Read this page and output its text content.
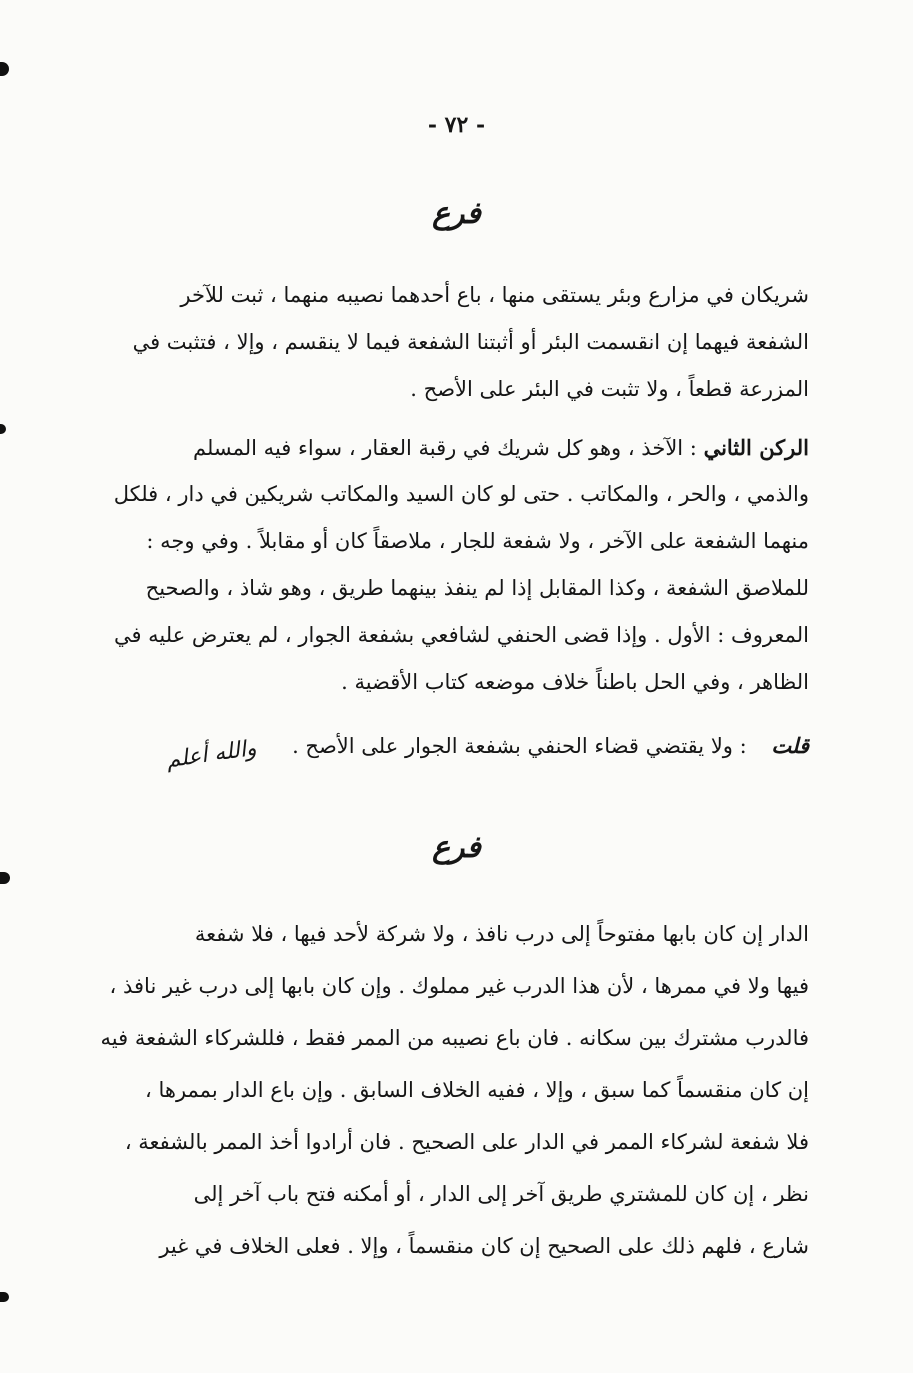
- ٧٢ -
فرع
شريكان في مزارع وبئر يستقى منها ، باع أحدهما نصيبه منهما ، ثبت للآخر
الشفعة فيهما إن انقسمت البئر أو أثبتنا الشفعة فيما لا ينقسم ، وإلا ، فتثبت في
المزرعة قطعاً ، ولا تثبت في البئر على الأصح .
الركن الثاني : الآخذ ، وهو كل شريك في رقبة العقار ، سواء فيه المسلم
والذمي ، والحر ، والمكاتب . حتى لو كان السيد والمكاتب شريكين في دار ، فلكل
منهما الشفعة على الآخر ، ولا شفعة للجار ، ملاصقاً كان أو مقابلاً . وفي وجه :
للملاصق الشفعة ، وكذا المقابل إذا لم ينفذ بينهما طريق ، وهو شاذ ، والصحيح
المعروف : الأول . وإذا قضى الحنفي لشافعي بشفعة الجوار ، لم يعترض عليه في
الظاهر ، وفي الحل باطناً خلاف موضعه كتاب الأقضية .
قلت : ولا يقتضي قضاء الحنفي بشفعة الجوار على الأصح .
والله أعلم
فرع
الدار إن كان بابها مفتوحاً إلى درب نافذ ، ولا شركة لأحد فيها ، فلا شفعة
فيها ولا في ممرها ، لأن هذا الدرب غير مملوك . وإن كان بابها إلى درب غير نافذ ،
فالدرب مشترك بين سكانه . فان باع نصيبه من الممر فقط ، فللشركاء الشفعة فيه
إن كان منقسماً كما سبق ، وإلا ، ففيه الخلاف السابق . وإن باع الدار بممرها ،
فلا شفعة لشركاء الممر في الدار على الصحيح . فان أرادوا أخذ الممر بالشفعة ،
نظر ، إن كان للمشتري طريق آخر إلى الدار ، أو أمكنه فتح باب آخر إلى
شارع ، فلهم ذلك على الصحيح إن كان منقسماً ، وإلا . فعلى الخلاف في غير
